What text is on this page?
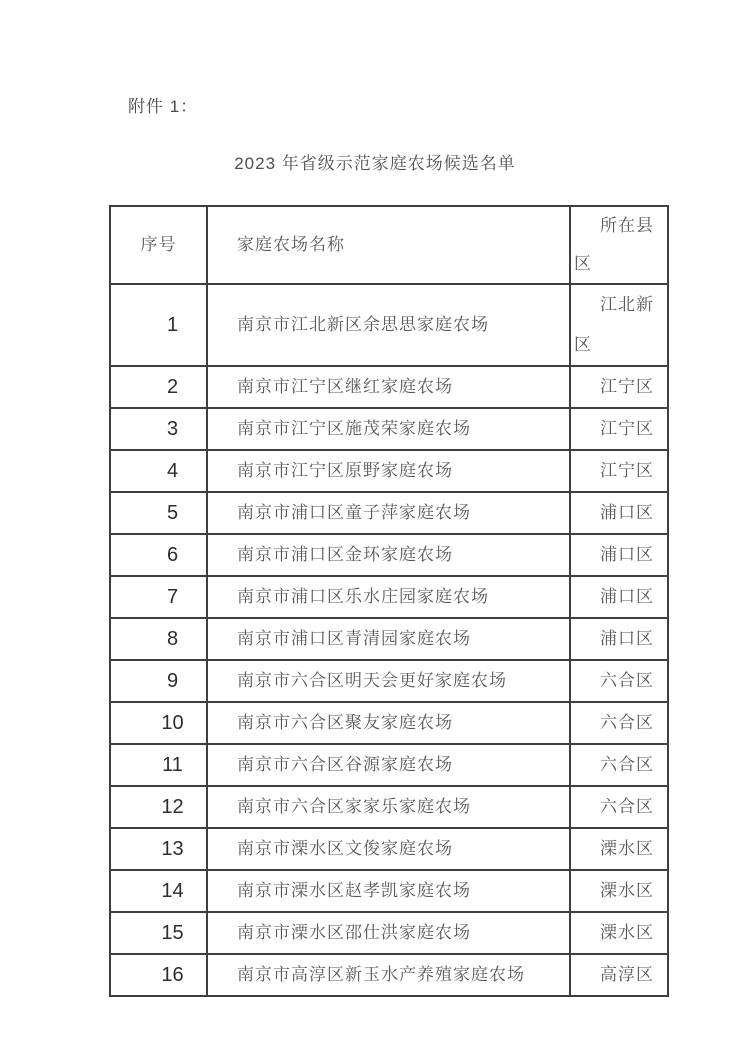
附件 1：
2023 年省级示范家庭农场候选名单
序号	家庭农场名称	所在县区
1	南京市江北新区余思思家庭农场	江北新区
2	南京市江宁区继红家庭农场	江宁区
3	南京市江宁区施茂荣家庭农场	江宁区
4	南京市江宁区原野家庭农场	江宁区
5	南京市浦口区童子萍家庭农场	浦口区
6	南京市浦口区金环家庭农场	浦口区
7	南京市浦口区乐水庄园家庭农场	浦口区
8	南京市浦口区青清园家庭农场	浦口区
9	南京市六合区明天会更好家庭农场	六合区
10	南京市六合区聚友家庭农场	六合区
11	南京市六合区谷源家庭农场	六合区
12	南京市六合区家家乐家庭农场	六合区
13	南京市溧水区文俊家庭农场	溧水区
14	南京市溧水区赵孝凯家庭农场	溧水区
15	南京市溧水区邵仕洪家庭农场	溧水区
16	南京市高淳区新玉水产养殖家庭农场	高淳区
